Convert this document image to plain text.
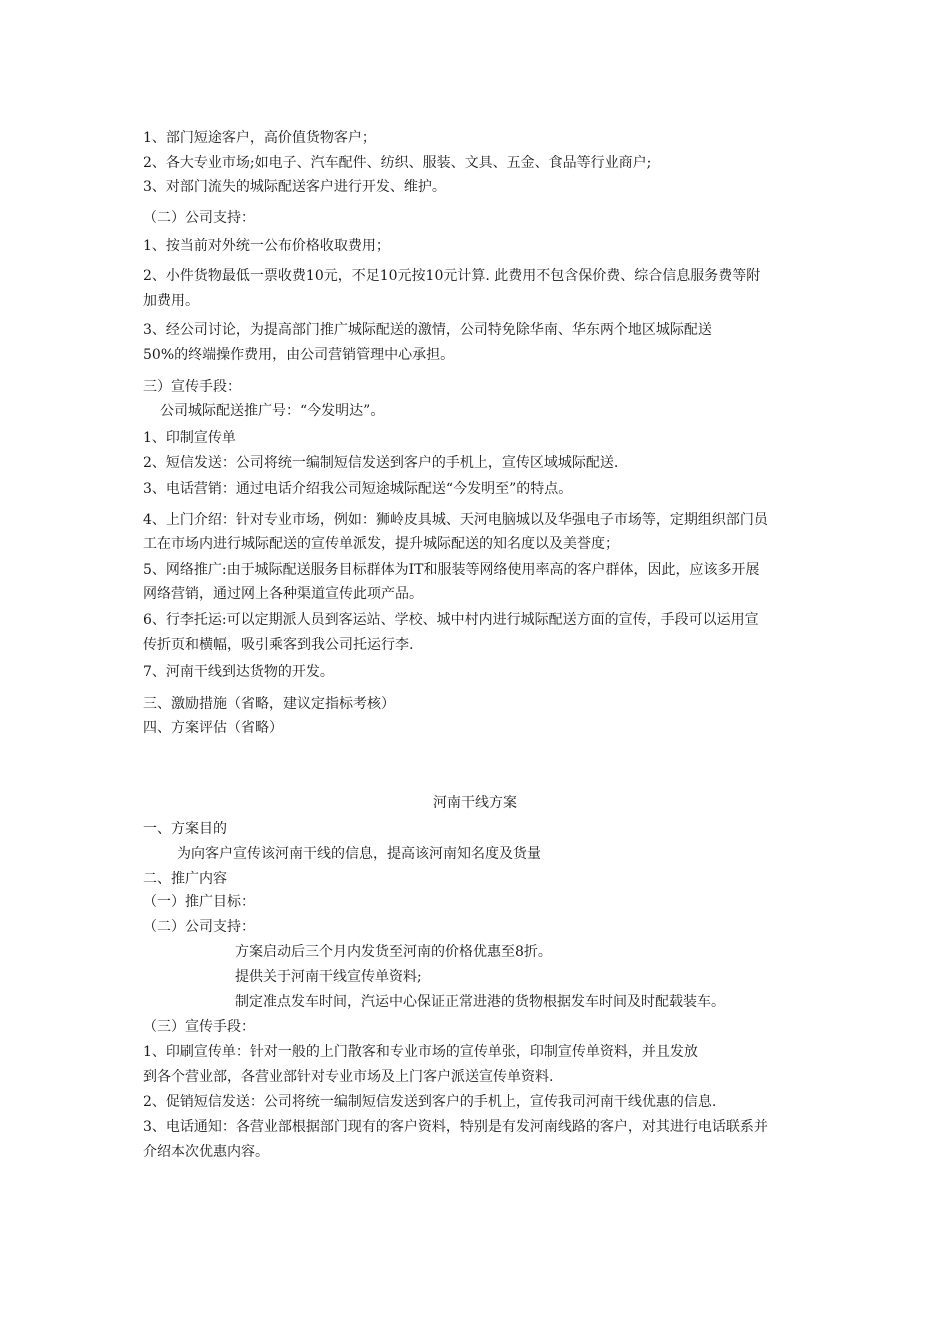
1、部门短途客户，高价值货物客户；
2、各大专业市场;如电子、汽车配件、纺织、服装、文具、五金、食品等行业商户;
3、对部门流失的城际配送客户进行开发、维护。
（二）公司支持：
1、按当前对外统一公布价格收取费用；
2、小件货物最低一票收费10元，不足10元按10元计算. 此费用不包含保价费、综合信息服务费等附
加费用。
3、经公司讨论，为提高部门推广城际配送的激情，公司特免除华南、华东两个地区城际配送
50%的终端操作费用，由公司营销管理中心承担。
三）宣传手段：
公司城际配送推广号：“今发明达”。
1、印制宣传单
2、短信发送：公司将统一编制短信发送到客户的手机上，宣传区域城际配送.
3、电话营销：通过电话介绍我公司短途城际配送“今发明至”的特点。
4、上门介绍：针对专业市场，例如：狮岭皮具城、天河电脑城以及华强电子市场等，定期组织部门员
工在市场内进行城际配送的宣传单派发，提升城际配送的知名度以及美誉度；
5、网络推广:由于城际配送服务目标群体为IT和服装等网络使用率高的客户群体，因此，应该多开展
网络营销，通过网上各种渠道宣传此项产品。
6、行李托运:可以定期派人员到客运站、学校、城中村内进行城际配送方面的宣传，手段可以运用宣
传折页和横幅，吸引乘客到我公司托运行李.
7、河南干线到达货物的开发。
三、激励措施（省略，建议定指标考核）
四、方案评估（省略）
河南干线方案
一、方案目的
为向客户宣传该河南干线的信息，提高该河南知名度及货量
二、推广内容
（一）推广目标：
（二）公司支持：
方案启动后三个月内发货至河南的价格优惠至8折。
提供关于河南干线宣传单资料;
制定准点发车时间，汽运中心保证正常进港的货物根据发车时间及时配载装车。
（三）宣传手段：
1、印刷宣传单：针对一般的上门散客和专业市场的宣传单张，印制宣传单资料，并且发放
到各个营业部，各营业部针对专业市场及上门客户派送宣传单资料.
2、促销短信发送：公司将统一编制短信发送到客户的手机上，宣传我司河南干线优惠的信息.
3、电话通知：各营业部根据部门现有的客户资料，特别是有发河南线路的客户，对其进行电话联系并
介绍本次优惠内容。
